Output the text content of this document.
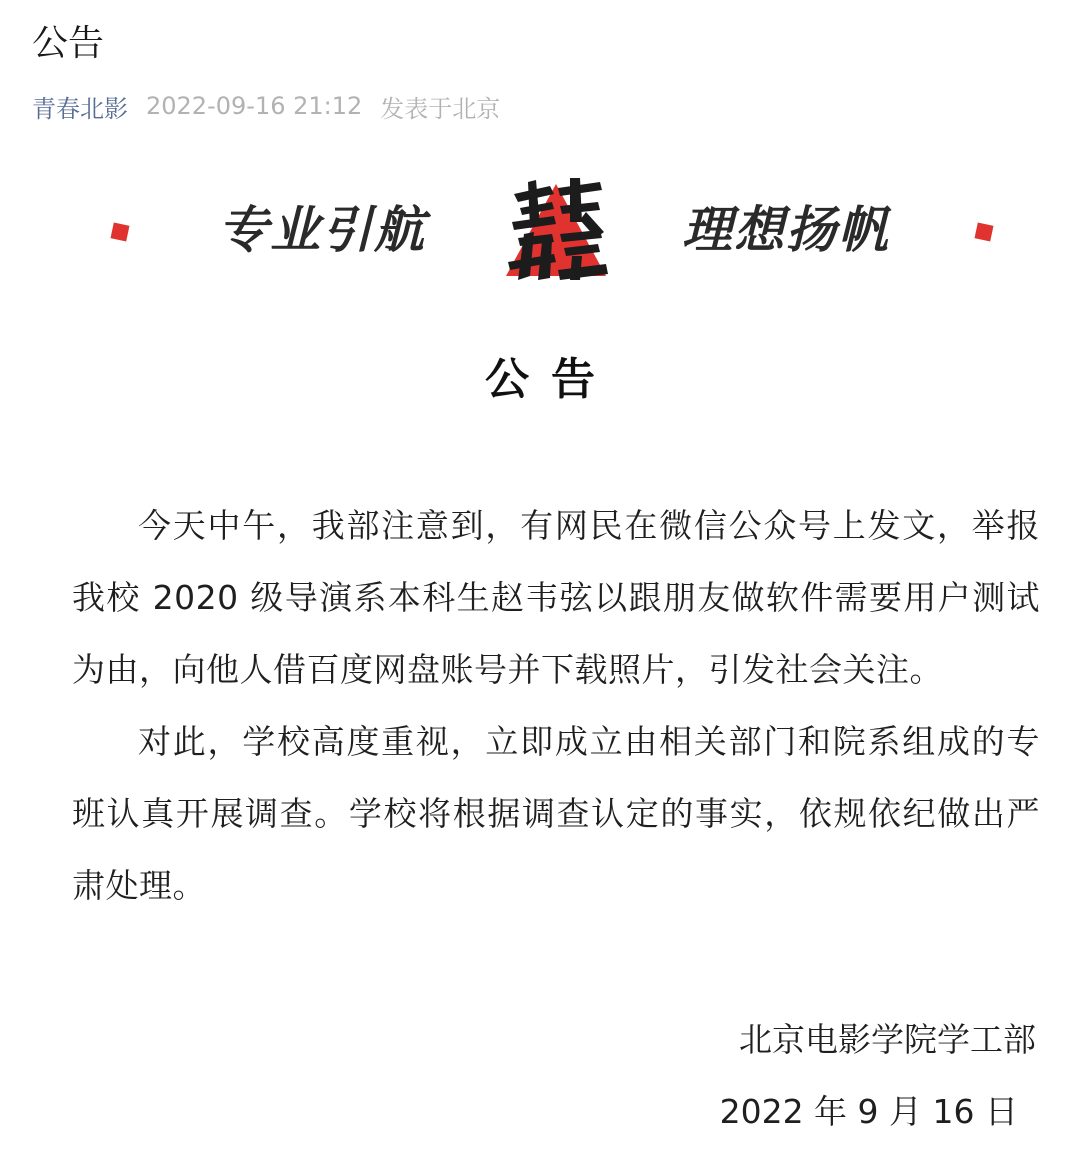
公告
青春北影 2022-09-16 21:12 发表于北京
专业引航	理想扬帆
公告

今天中午，我部注意到，有网民在微信公众号上发文，举报我校 2020 级导演系本科生赵韦弦以跟朋友做软件需要用户测试为由，向他人借百度网盘账号并下载照片，引发社会关注。

对此，学校高度重视，立即成立由相关部门和院系组成的专班认真开展调查。学校将根据调查认定的事实，依规依纪做出严肃处理。

北京电影学院学工部
2022 年 9 月 16 日
